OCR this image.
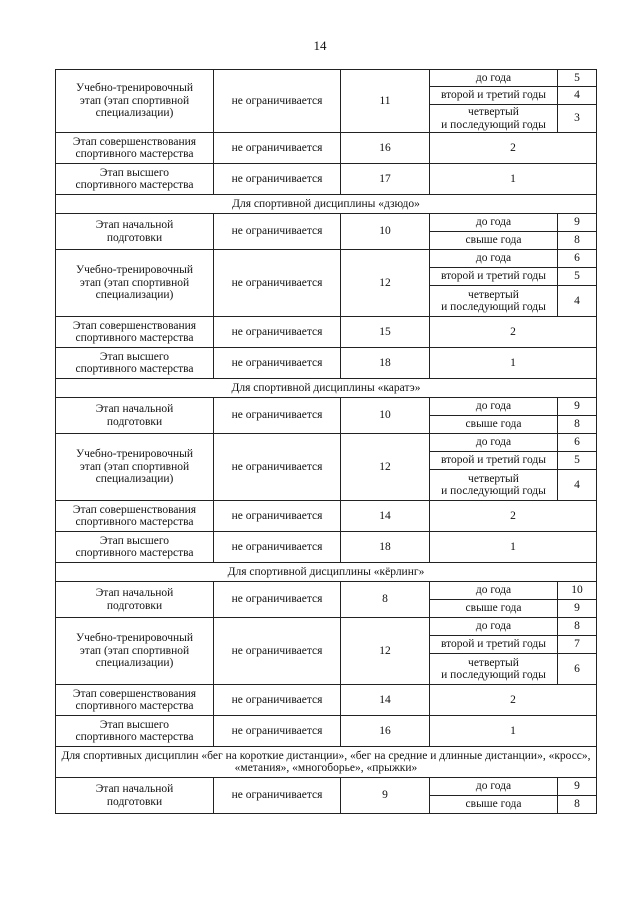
14
Учебно-тренировочный
этап (этап спортивной
специализации)	не ограничивается	11	до года	5
			второй и третий годы	4
			четвертый
и последующий годы	3
Этап совершенствования
спортивного мастерства	не ограничивается	16	2	
Этап высшего
спортивного мастерства	не ограничивается	17	1	
Для спортивной дисциплины «дзюдо»				
Этап начальной
подготовки	не ограничивается	10	до года	9
			свыше года	8
Учебно-тренировочный
этап (этап спортивной
специализации)	не ограничивается	12	до года	6
			второй и третий годы	5
			четвертый
и последующий годы	4
Этап совершенствования
спортивного мастерства	не ограничивается	15	2	
Этап высшего
спортивного мастерства	не ограничивается	18	1	
Для спортивной дисциплины «каратэ»				
Этап начальной
подготовки	не ограничивается	10	до года	9
			свыше года	8
Учебно-тренировочный
этап (этап спортивной
специализации)	не ограничивается	12	до года	6
			второй и третий годы	5
			четвертый
и последующий годы	4
Этап совершенствования
спортивного мастерства	не ограничивается	14	2	
Этап высшего
спортивного мастерства	не ограничивается	18	1	
Для спортивной дисциплины «кёрлинг»				
Этап начальной
подготовки	не ограничивается	8	до года	10
			свыше года	9
Учебно-тренировочный
этап (этап спортивной
специализации)	не ограничивается	12	до года	8
			второй и третий годы	7
			четвертый
и последующий годы	6
Этап совершенствования
спортивного мастерства	не ограничивается	14	2	
Этап высшего
спортивного мастерства	не ограничивается	16	1	
Для спортивных дисциплин «бег на короткие дистанции», «бег на средние и длинные дистанции», «кросс», «метания», «многоборье», «прыжки»				
Этап начальной
подготовки	не ограничивается	9	до года	9
			свыше года	8
